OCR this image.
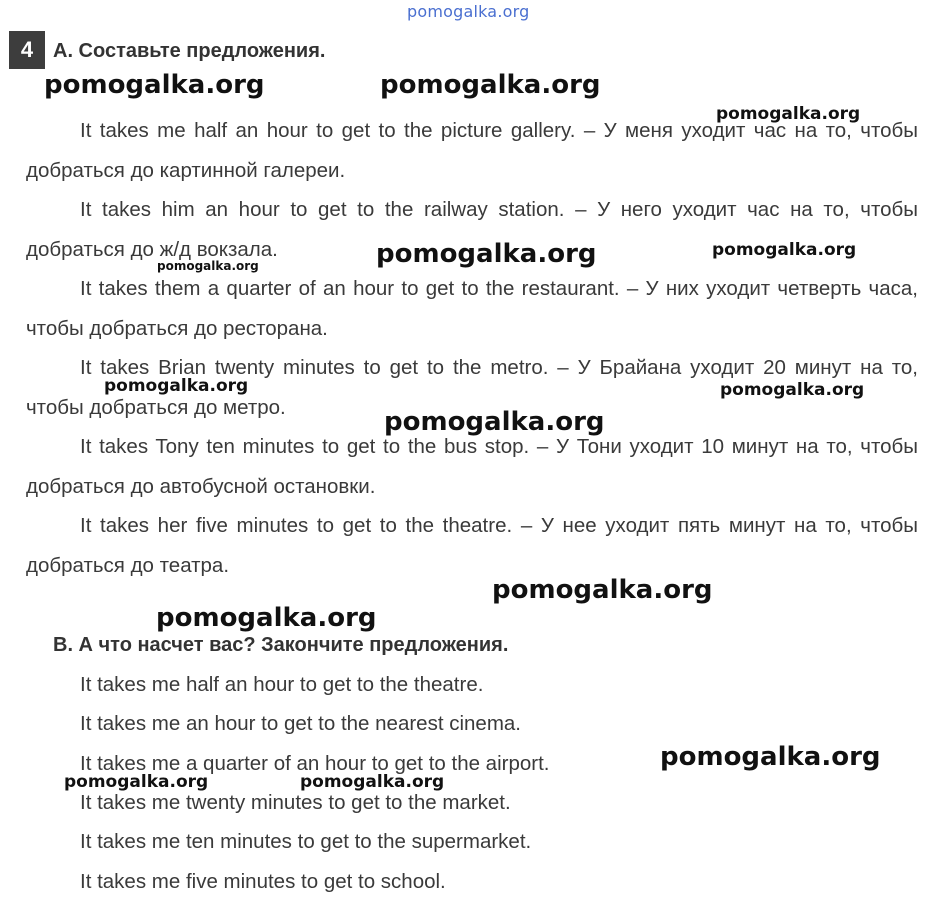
pomogalka.org
4 A. Составьте предложения.
It takes me half an hour to get to the picture gallery. – У меня уходит час на то, чтобы добраться до картинной галереи.
It takes him an hour to get to the railway station. – У него уходит час на то, чтобы добраться до ж/д вокзала.
It takes them a quarter of an hour to get to the restaurant. – У них уходит четверть часа, чтобы добраться до ресторана.
It takes Brian twenty minutes to get to the metro. – У Брайана уходит 20 минут на то, чтобы добраться до метро.
It takes Tony ten minutes to get to the bus stop. – У Тони уходит 10 минут на то, чтобы добраться до автобусной остановки.
It takes her five minutes to get to the theatre. – У нее уходит пять минут на то, чтобы добраться до театра.
B. А что насчет вас? Закончите предложения.
It takes me half an hour to get to the theatre.
It takes me an hour to get to the nearest cinema.
It takes me a quarter of an hour to get to the airport.
It takes me twenty minutes to get to the market.
It takes me ten minutes to get to the supermarket.
It takes me five minutes to get to school.
pomogalka.org	pomogalka.org
pomogalka.org
pomogalka.org	pomogalka.org
pomogalka.org
pomogalka.org	pomogalka.org
pomogalka.org
pomogalka.org
pomogalka.org
pomogalka.org
pomogalka.org	pomogalka.org
